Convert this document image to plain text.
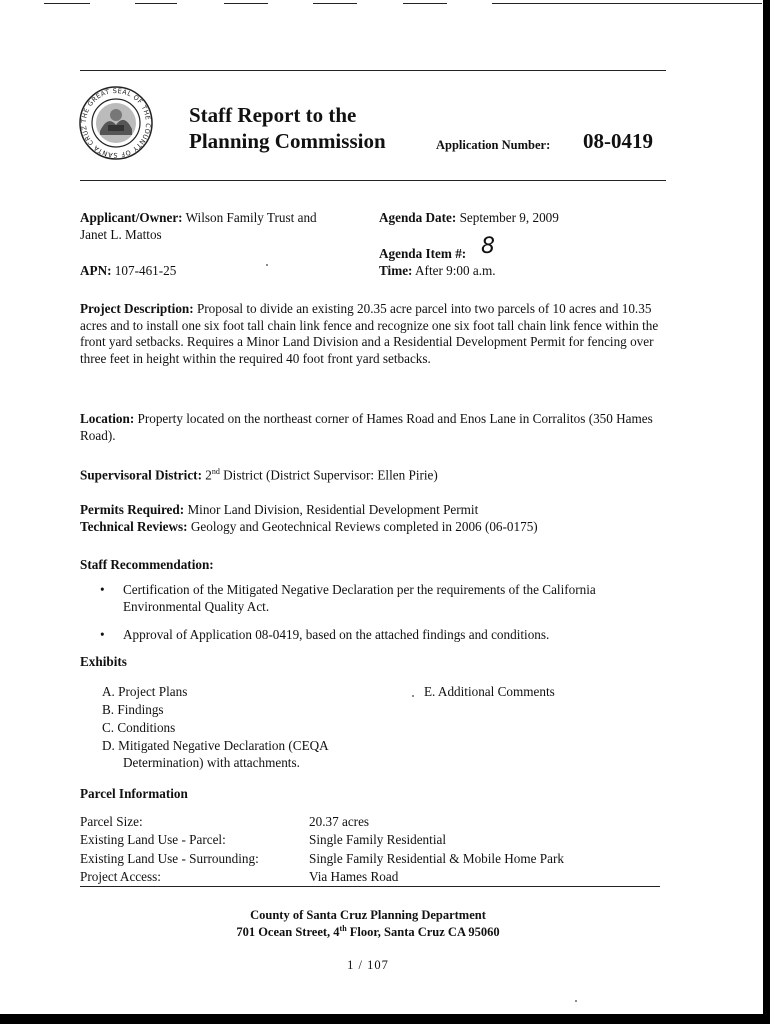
THE GREAT SEAL OF THE COUNTY OF SANTA CRUZ
Staff Report to the
Planning Commission	Application Number: 08-0419
Applicant/Owner: Wilson Family Trust and
Janet L. Mattos
Agenda Date: September 9, 2009
Agenda Item #: 8
Time: After 9:00 a.m.
APN: 107-461-25
Project Description: Proposal to divide an existing 20.35 acre parcel into two parcels of 10 acres and 10.35 acres and to install one six foot tall chain link fence and recognize one six foot tall chain link fence within the front yard setbacks. Requires a Minor Land Division and a Residential Development Permit for fencing over three feet in height within the required 40 foot front yard setbacks.
Location: Property located on the northeast corner of Hames Road and Enos Lane in Corralitos (350 Hames Road).
Supervisoral District: 2nd District (District Supervisor: Ellen Pirie)
Permits Required: Minor Land Division, Residential Development Permit
Technical Reviews: Geology and Geotechnical Reviews completed in 2006 (06-0175)
Staff Recommendation:
• Certification of the Mitigated Negative Declaration per the requirements of the California Environmental Quality Act.
• Approval of Application 08-0419, based on the attached findings and conditions.
Exhibits
A. Project Plans
B. Findings
C. Conditions
D. Mitigated Negative Declaration (CEQA
Determination) with attachments.
E. Additional Comments
Parcel Information
Parcel Size:	20.37 acres
Existing Land Use - Parcel:	Single Family Residential
Existing Land Use - Surrounding:	Single Family Residential & Mobile Home Park
Project Access:	Via Hames Road
County of Santa Cruz Planning Department
701 Ocean Street, 4th Floor, Santa Cruz CA 95060
1 / 107
